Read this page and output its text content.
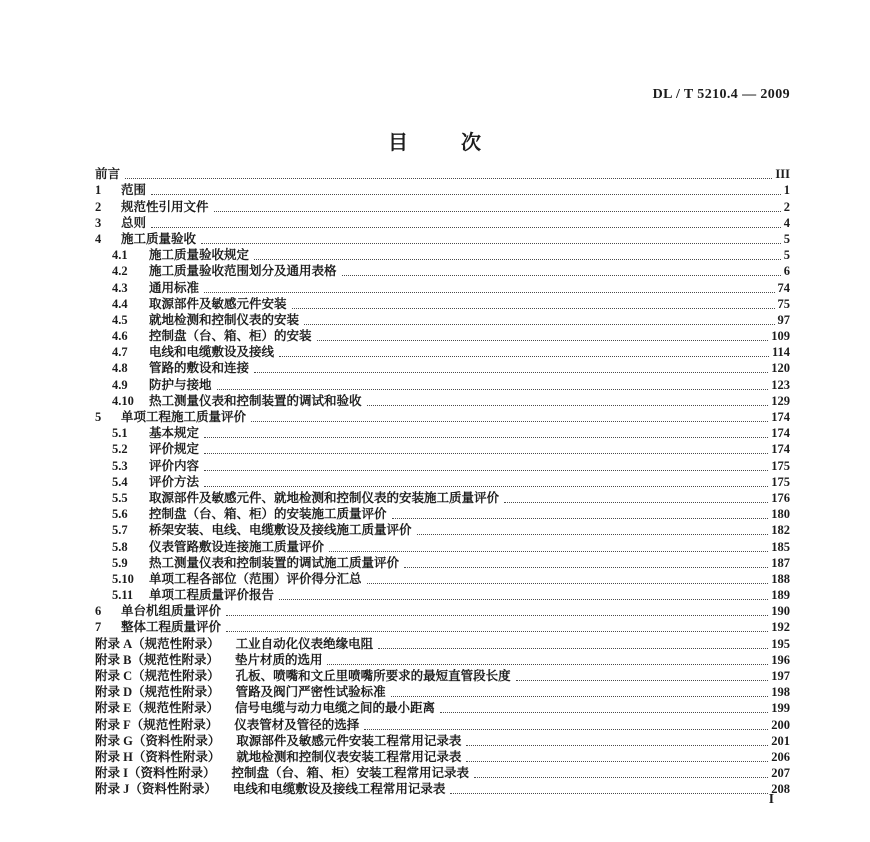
DL / T 5210.4 — 2009
目 次
前言	III
1	范围	1
2	规范性引用文件	2
3	总则	4
4	施工质量验收	5
4.1	施工质量验收规定	5
4.2	施工质量验收范围划分及通用表格	6
4.3	通用标准	74
4.4	取源部件及敏感元件安装	75
4.5	就地检测和控制仪表的安装	97
4.6	控制盘（台、箱、柜）的安装	109
4.7	电线和电缆敷设及接线	114
4.8	管路的敷设和连接	120
4.9	防护与接地	123
4.10	热工测量仪表和控制装置的调试和验收	129
5	单项工程施工质量评价	174
5.1	基本规定	174
5.2	评价规定	174
5.3	评价内容	175
5.4	评价方法	175
5.5	取源部件及敏感元件、就地检测和控制仪表的安装施工质量评价	176
5.6	控制盘（台、箱、柜）的安装施工质量评价	180
5.7	桥架安装、电线、电缆敷设及接线施工质量评价	182
5.8	仪表管路敷设连接施工质量评价	185
5.9	热工测量仪表和控制装置的调试施工质量评价	187
5.10	单项工程各部位（范围）评价得分汇总	188
5.11	单项工程质量评价报告	189
6	单台机组质量评价	190
7	整体工程质量评价	192
附录 A（规范性附录） 工业自动化仪表绝缘电阻	195
附录 B（规范性附录） 垫片材质的选用	196
附录 C（规范性附录） 孔板、喷嘴和文丘里喷嘴所要求的最短直管段长度	197
附录 D（规范性附录） 管路及阀门严密性试验标准	198
附录 E（规范性附录） 信号电缆与动力电缆之间的最小距离	199
附录 F（规范性附录） 仪表管材及管径的选择	200
附录 G（资料性附录） 取源部件及敏感元件安装工程常用记录表	201
附录 H（资料性附录） 就地检测和控制仪表安装工程常用记录表	206
附录 I（资料性附录） 控制盘（台、箱、柜）安装工程常用记录表	207
附录 J（资料性附录） 电线和电缆敷设及接线工程常用记录表	208
I
